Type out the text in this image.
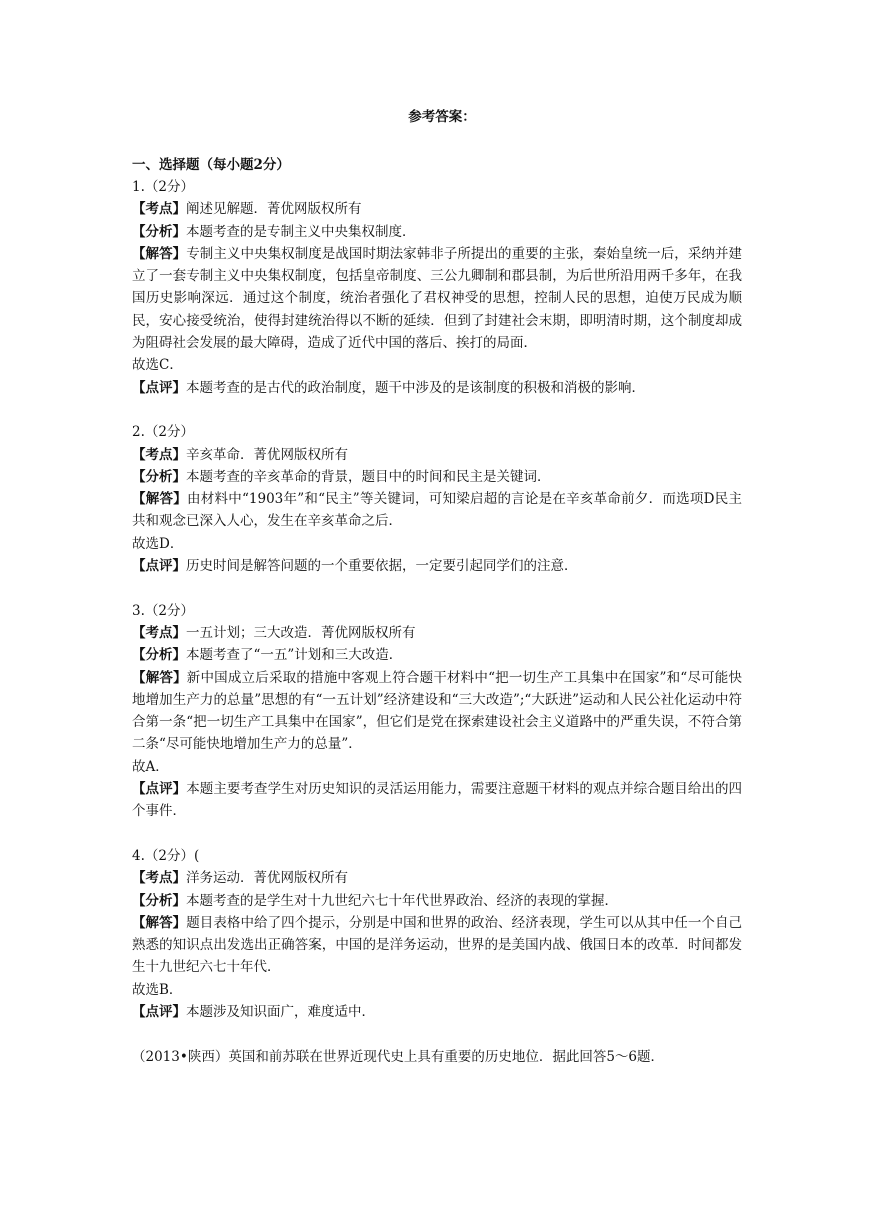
参考答案：
一、选择题（每小题2分）
1.（2分）
【考点】阐述见解题．菁优网版权所有
【分析】本题考查的是专制主义中央集权制度．
【解答】专制主义中央集权制度是战国时期法家韩非子所提出的重要的主张，秦始皇统一后，采纳并建立了一套专制主义中央集权制度，包括皇帝制度、三公九卿制和郡县制，为后世所沿用两千多年，在我国历史影响深远．通过这个制度，统治者强化了君权神受的思想，控制人民的思想，迫使万民成为顺民，安心接受统治，使得封建统治得以不断的延续．但到了封建社会末期，即明清时期，这个制度却成为阻碍社会发展的最大障碍，造成了近代中国的落后、挨打的局面．
故选C．
【点评】本题考查的是古代的政治制度，题干中涉及的是该制度的积极和消极的影响．
2.（2分）
【考点】辛亥革命．菁优网版权所有
【分析】本题考查的辛亥革命的背景，题目中的时间和民主是关键词．
【解答】由材料中“1903年”和“民主”等关键词，可知梁启超的言论是在辛亥革命前夕．而选项D民主共和观念已深入人心，发生在辛亥革命之后．
故选D．
【点评】历史时间是解答问题的一个重要依据，一定要引起同学们的注意．
3.（2分）
【考点】一五计划；三大改造．菁优网版权所有
【分析】本题考查了“一五”计划和三大改造．
【解答】新中国成立后采取的措施中客观上符合题干材料中“把一切生产工具集中在国家”和“尽可能快地增加生产力的总量”思想的有“一五计划”经济建设和“三大改造”;“大跃进”运动和人民公社化运动中符合第一条“把一切生产工具集中在国家”，但它们是党在探索建设社会主义道路中的严重失误，不符合第二条“尽可能快地增加生产力的总量”．
故A．
【点评】本题主要考查学生对历史知识的灵活运用能力，需要注意题干材料的观点并综合题目给出的四个事件．
4.（2分）(
【考点】洋务运动．菁优网版权所有
【分析】本题考查的是学生对十九世纪六七十年代世界政治、经济的表现的掌握．
【解答】题目表格中给了四个提示，分别是中国和世界的政治、经济表现，学生可以从其中任一个自己熟悉的知识点出发选出正确答案，中国的是洋务运动，世界的是美国内战、俄国日本的改革．时间都发生十九世纪六七十年代．
故选B．
【点评】本题涉及知识面广，难度适中．
（2013•陕西）英国和前苏联在世界近现代史上具有重要的历史地位．据此回答5～6题．
